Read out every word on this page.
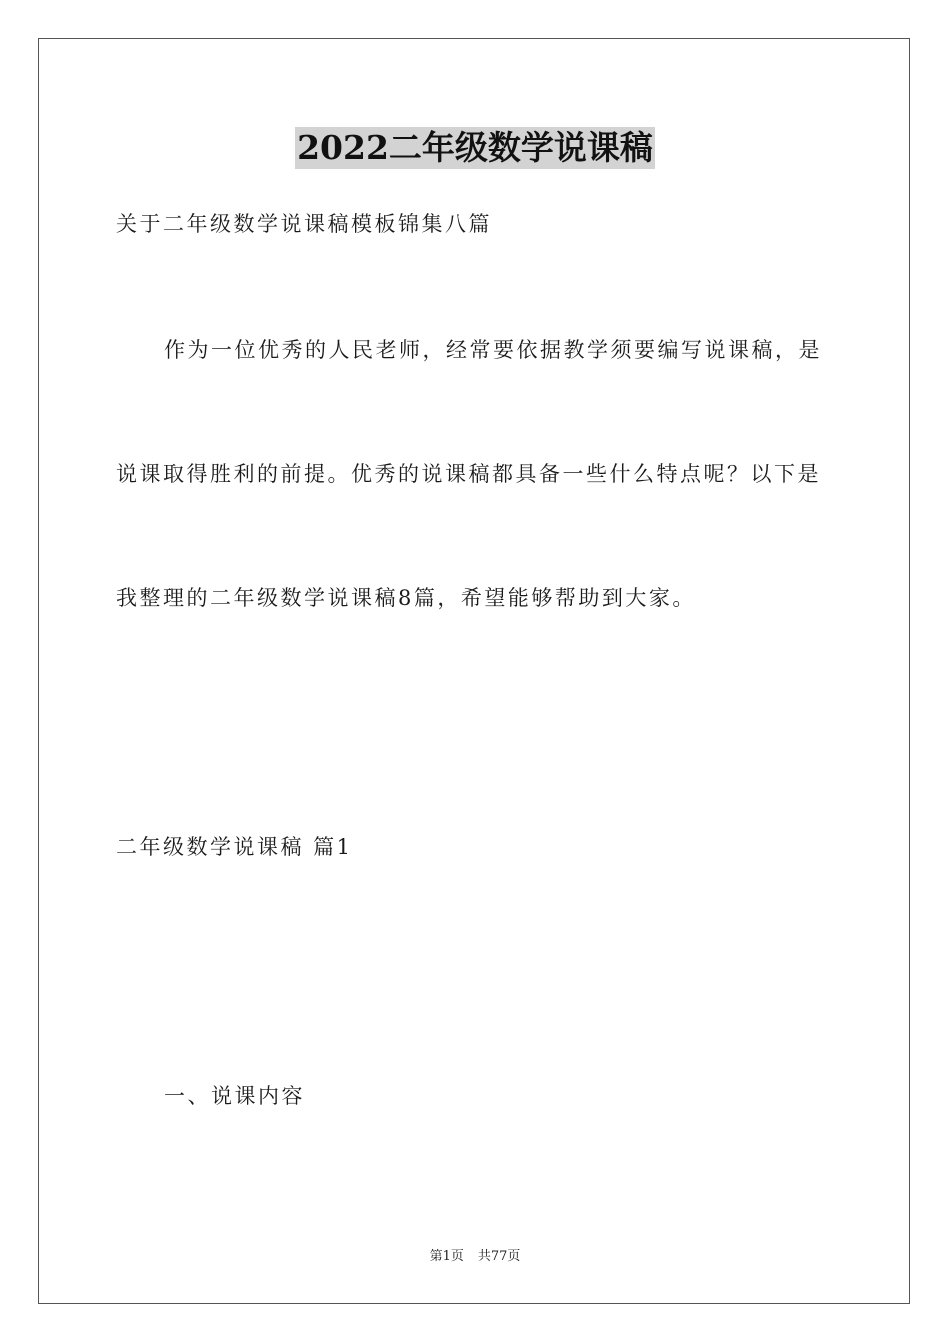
2022二年级数学说课稿
关于二年级数学说课稿模板锦集八篇
作为一位优秀的人民老师，经常要依据教学须要编写说课稿，是
说课取得胜利的前提。优秀的说课稿都具备一些什么特点呢？以下是
我整理的二年级数学说课稿8篇，希望能够帮助到大家。
二年级数学说课稿 篇1
一、说课内容
第1页 共77页
